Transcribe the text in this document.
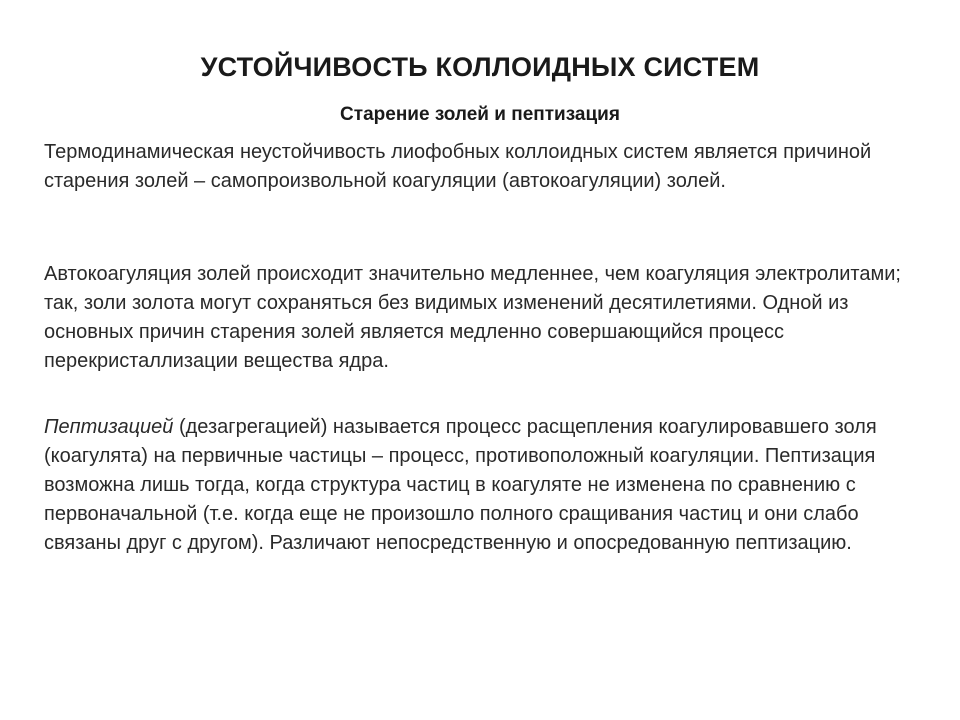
УСТОЙЧИВОСТЬ КОЛЛОИДНЫХ СИСТЕМ
Старение золей и пептизация

Термодинамическая неустойчивость лиофобных коллоидных систем является причиной старения золей – самопроизвольной коагуляции (автокоагуляции) золей.

Автокоагуляция золей происходит значительно медленнее, чем коагуляция электролитами; так, золи золота могут сохраняться без видимых изменений десятилетиями. Одной из основных причин старения золей является медленно совершающийся процесс перекристаллизации вещества ядра.

Пептизацией (дезагрегацией) называется процесс расщепления коагулировавшего золя (коагулята) на первичные частицы – процесс, противоположный коагуляции. Пептизация возможна лишь тогда, когда структура частиц в коагуляте не изменена по сравнению с первоначальной (т.е. когда еще не произошло полного сращивания частиц и они слабо связаны друг с другом). Различают непосредственную и опосредованную пептизацию.
